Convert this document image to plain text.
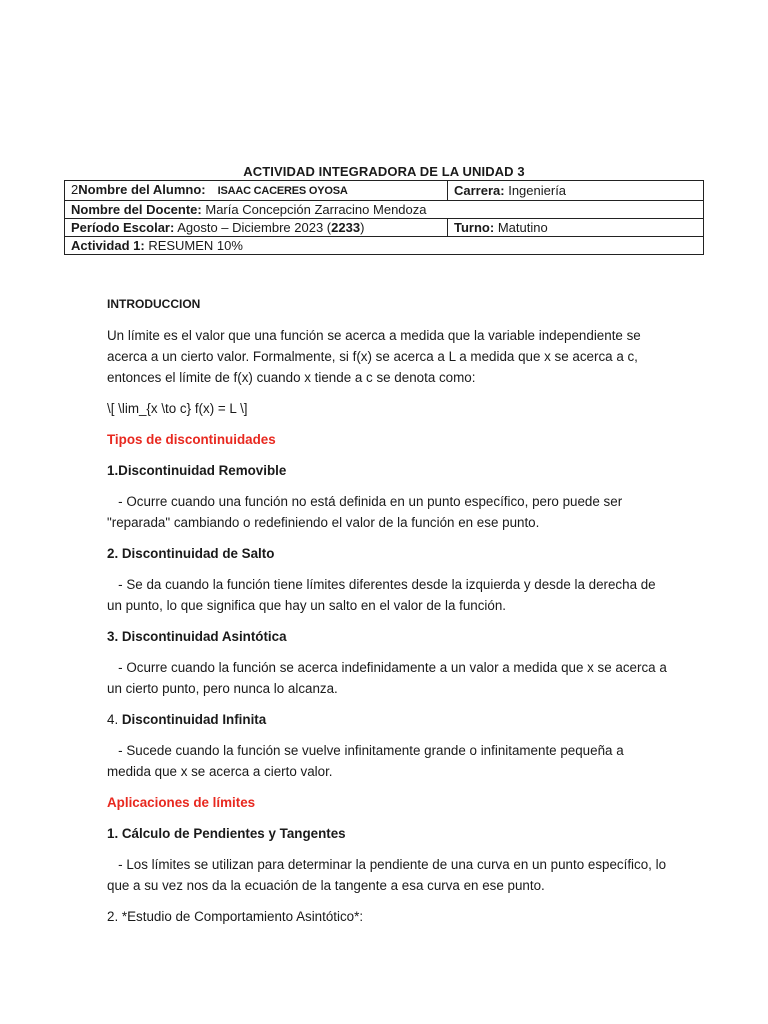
ACTIVIDAD INTEGRADORA DE LA UNIDAD 3
2Nombre del Alumno: ISAAC CACERES OYOSA	Carrera: Ingeniería
Nombre del Docente: María Concepción Zarracino Mendoza	
Período Escolar: Agosto – Diciembre 2023 (2233)	Turno: Matutino
Actividad 1: RESUMEN 10%	

INTRODUCCION

Un límite es el valor que una función se acerca a medida que la variable independiente se acerca a un cierto valor. Formalmente, si f(x) se acerca a L a medida que x se acerca a c, entonces el límite de f(x) cuando x tiende a c se denota como:

\[ \lim_{x \to c} f(x) = L \]

Tipos de discontinuidades

1.Discontinuidad Removible

- Ocurre cuando una función no está definida en un punto específico, pero puede ser "reparada" cambiando o redefiniendo el valor de la función en ese punto.

2. Discontinuidad de Salto

- Se da cuando la función tiene límites diferentes desde la izquierda y desde la derecha de un punto, lo que significa que hay un salto en el valor de la función.

3. Discontinuidad Asintótica

- Ocurre cuando la función se acerca indefinidamente a un valor a medida que x se acerca a un cierto punto, pero nunca lo alcanza.

4. Discontinuidad Infinita

- Sucede cuando la función se vuelve infinitamente grande o infinitamente pequeña a medida que x se acerca a cierto valor.

Aplicaciones de límites

1. Cálculo de Pendientes y Tangentes

- Los límites se utilizan para determinar la pendiente de una curva en un punto específico, lo que a su vez nos da la ecuación de la tangente a esa curva en ese punto.

2. *Estudio de Comportamiento Asintótico*:
